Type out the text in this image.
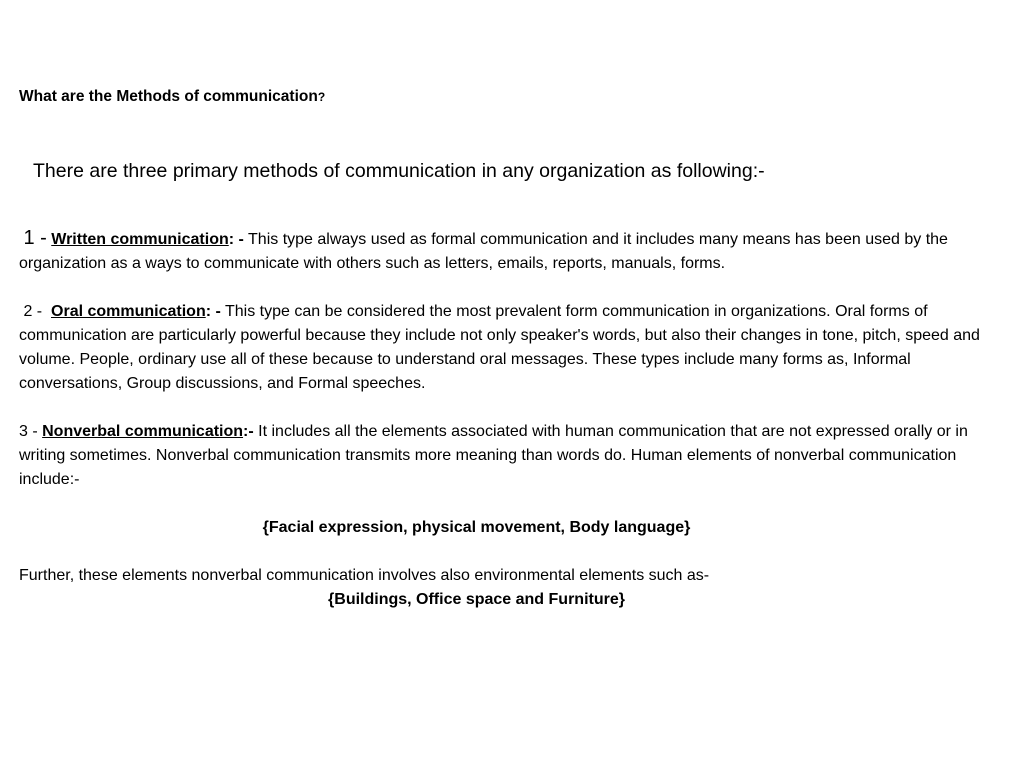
What are the Methods of communication?
There are three primary methods of communication in any organization as following:-

1 - Written communication: - This type always used as formal communication and it includes many means has been used by the organization as a ways to communicate with others such as letters, emails, reports, manuals, forms.

2 - Oral communication: - This type can be considered the most prevalent form communication in organizations. Oral forms of communication are particularly powerful because they include not only speaker's words, but also their changes in tone, pitch, speed and volume. People, ordinary use all of these because to understand oral messages. These types include many forms as, Informal conversations, Group discussions, and Formal speeches.

3 - Nonverbal communication:- It includes all the elements associated with human communication that are not expressed orally or in writing sometimes. Nonverbal communication transmits more meaning than words do. Human elements of nonverbal communication include:-

{Facial expression, physical movement, Body language}

Further, these elements nonverbal communication involves also environmental elements such as-

{Buildings, Office space and Furniture}
